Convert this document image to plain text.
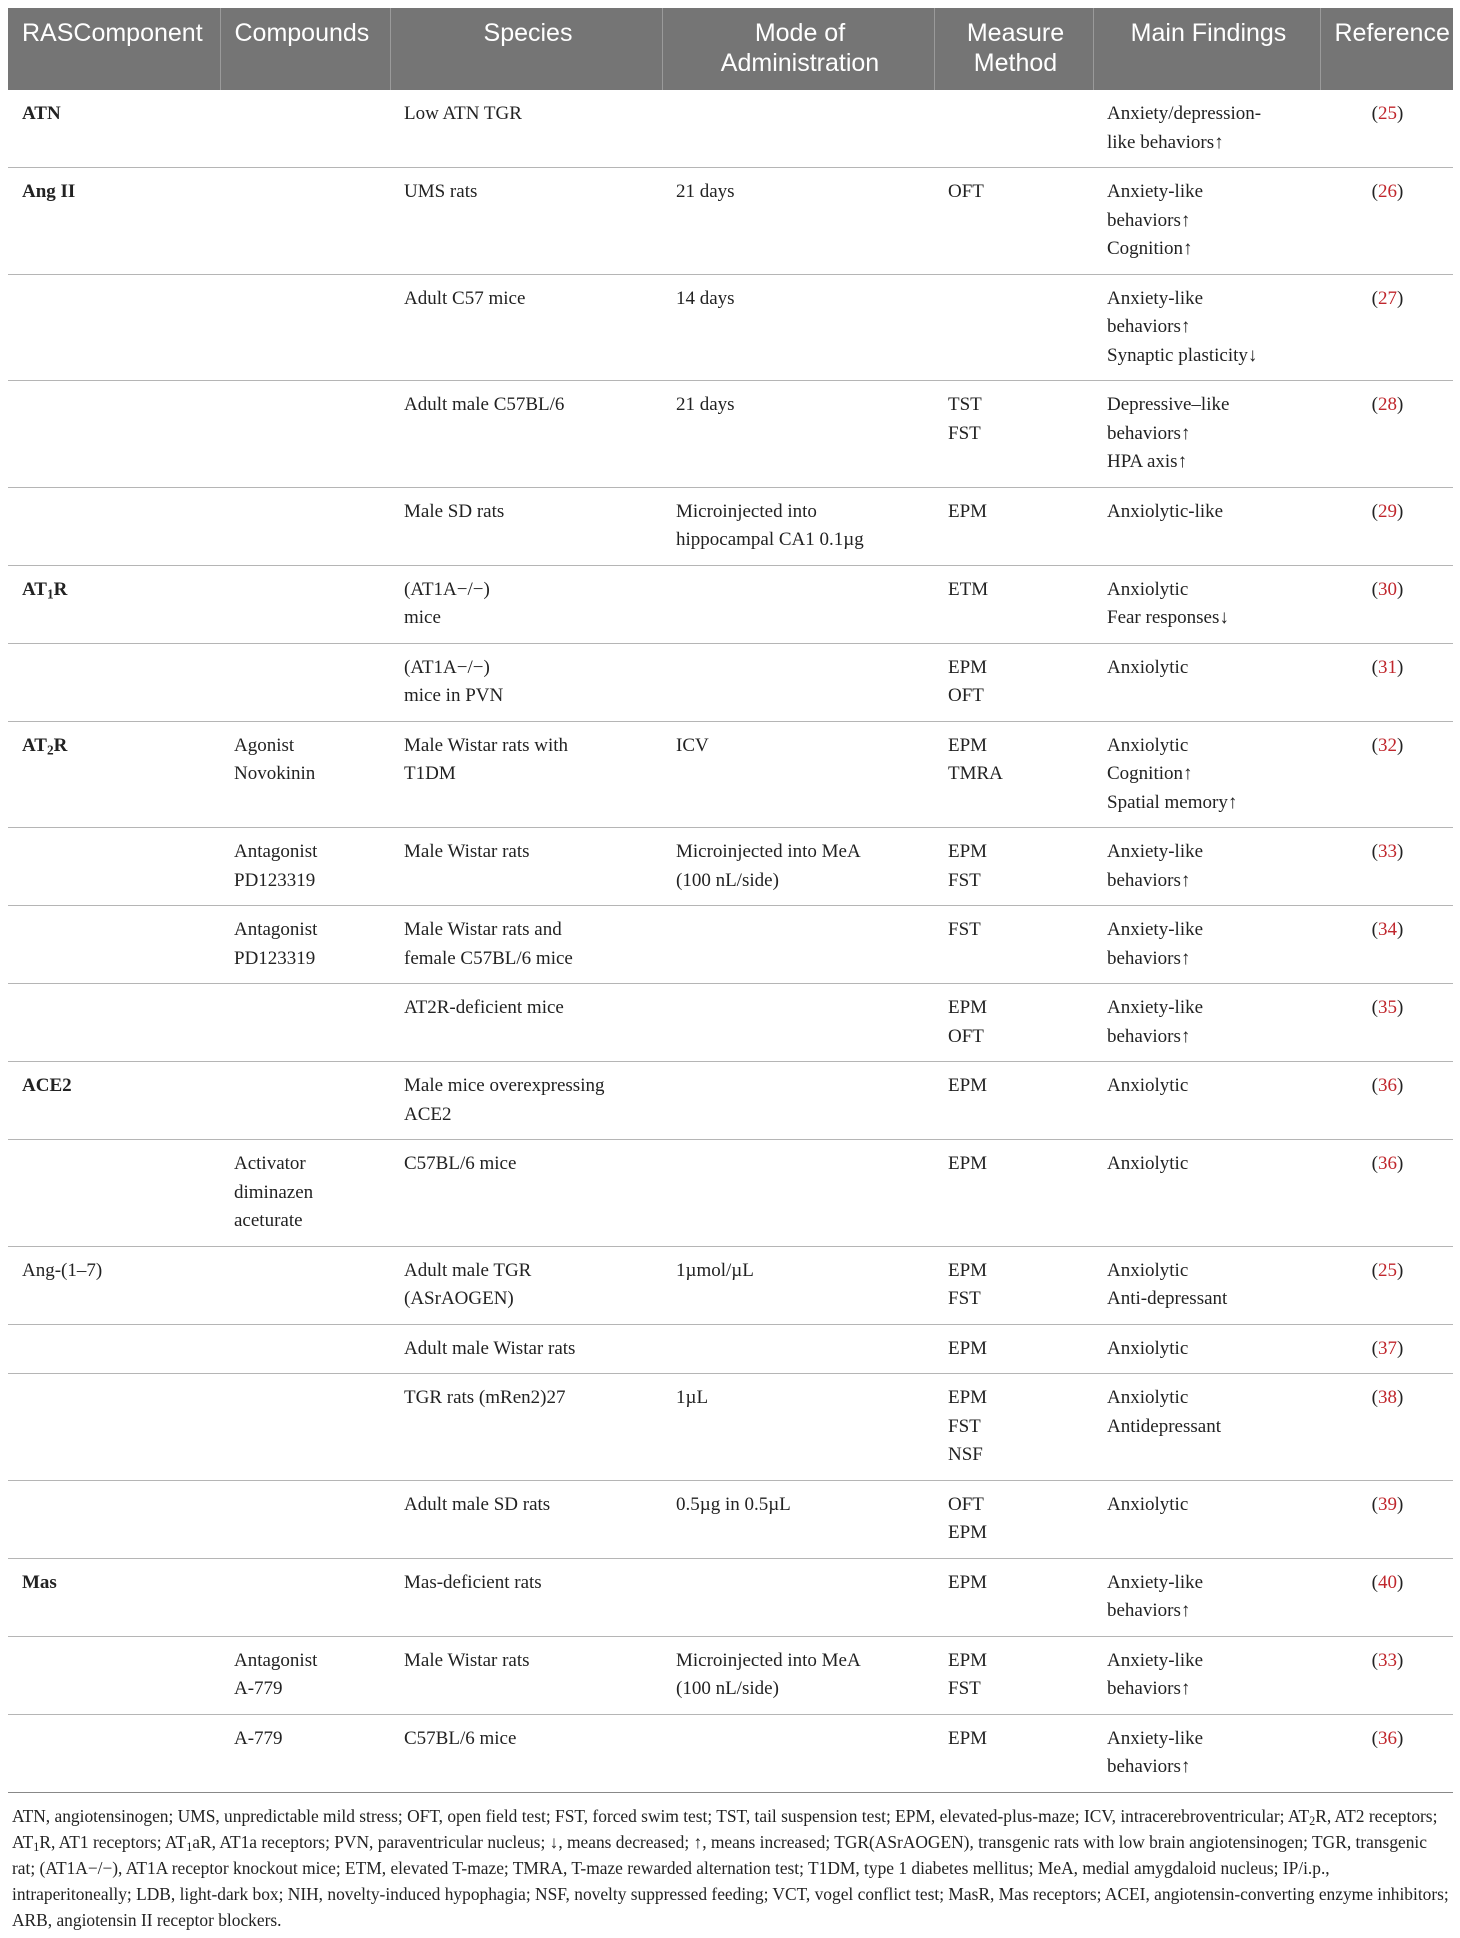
RASComponent	Compounds	Species	Mode of Administration	Measure Method	Main Findings	Reference
ATN		Low ATN TGR			Anxiety/depression-
like behaviors↑	(25)
Ang II		UMS rats	21 days	OFT	Anxiety-like
behaviors↑
Cognition↑	(26)

		Adult C57 mice	14 days		Anxiety-like
behaviors↑
Synaptic plasticity↓	(27)

		Adult male C57BL/6	21 days	TST
FST	Depressive–like
behaviors↑
HPA axis↑	(28)

		Male SD rats	Microinjected into
hippocampal CA1 0.1µg	EPM	Anxiolytic-like	(29)
$AT_1R$		(AT1A−/−)
mice		ETM	Anxiolytic
Fear responses↓	(30)

		(AT1A−/−)
mice in PVN		EPM
OFT	Anxiolytic	(31)
$AT_2R$	Agonist
Novokinin	Male Wistar rats with
T1DM	ICV	EPM
TMRA	Anxiolytic
Cognition↑
Spatial memory↑	(32)

	Antagonist
PD123319	Male Wistar rats	Microinjected into MeA
(100 nL/side)	EPM
FST	Anxiety-like
behaviors↑	(33)

	Antagonist
PD123319	Male Wistar rats and
female C57BL/6 mice		FST	Anxiety-like
behaviors↑	(34)

		AT2R-deficient mice		EPM
OFT	Anxiety-like
behaviors↑	(35)
ACE2		Male mice overexpressing
ACE2		EPM	Anxiolytic	(36)

	Activator
diminazen
aceturate	C57BL/6 mice		EPM	Anxiolytic	(36)
Ang-(1–7)		Adult male TGR
(ASrAOGEN)	1µmol/µL	EPM
FST	Anxiolytic
Anti-depressant	(25)

		Adult male Wistar rats		EPM	Anxiolytic	(37)

		TGR rats (mRen2)27	1µL	EPM
FST
NSF	Anxiolytic
Antidepressant	(38)

		Adult male SD rats	0.5µg in 0.5µL	OFT
EPM	Anxiolytic	(39)
Mas		Mas-deficient rats		EPM	Anxiety-like
behaviors↑	(40)

	Antagonist
A-779	Male Wistar rats	Microinjected into MeA
(100 nL/side)	EPM
FST	Anxiety-like
behaviors↑	(33)

	A-779	C57BL/6 mice		EPM	Anxiety-like
behaviors↑	(36)
ATN, angiotensinogen; UMS, unpredictable mild stress; OFT, open field test; FST, forced swim test; TST, tail suspension test; EPM, elevated-plus-maze; ICV, intracerebroventricular; $AT_2R$, AT2 receptors; $AT_1R$, AT1 receptors; $AT_1aR$, AT1a receptors; PVN, paraventricular nucleus; ↓, means decreased; ↑, means increased; TGR(ASrAOGEN), transgenic rats with low brain angiotensinogen; TGR, transgenic rat; (AT1A−/−), AT1A receptor knockout mice; ETM, elevated T-maze; TMRA, T-maze rewarded alternation test; T1DM, type 1 diabetes mellitus; MeA, medial amygdaloid nucleus; IP/i.p., intraperitoneally; LDB, light-dark box; NIH, novelty-induced hypophagia; NSF, novelty suppressed feeding; VCT, vogel conflict test; MasR, Mas receptors; ACEI, angiotensin-converting enzyme inhibitors; ARB, angiotensin II receptor blockers.
